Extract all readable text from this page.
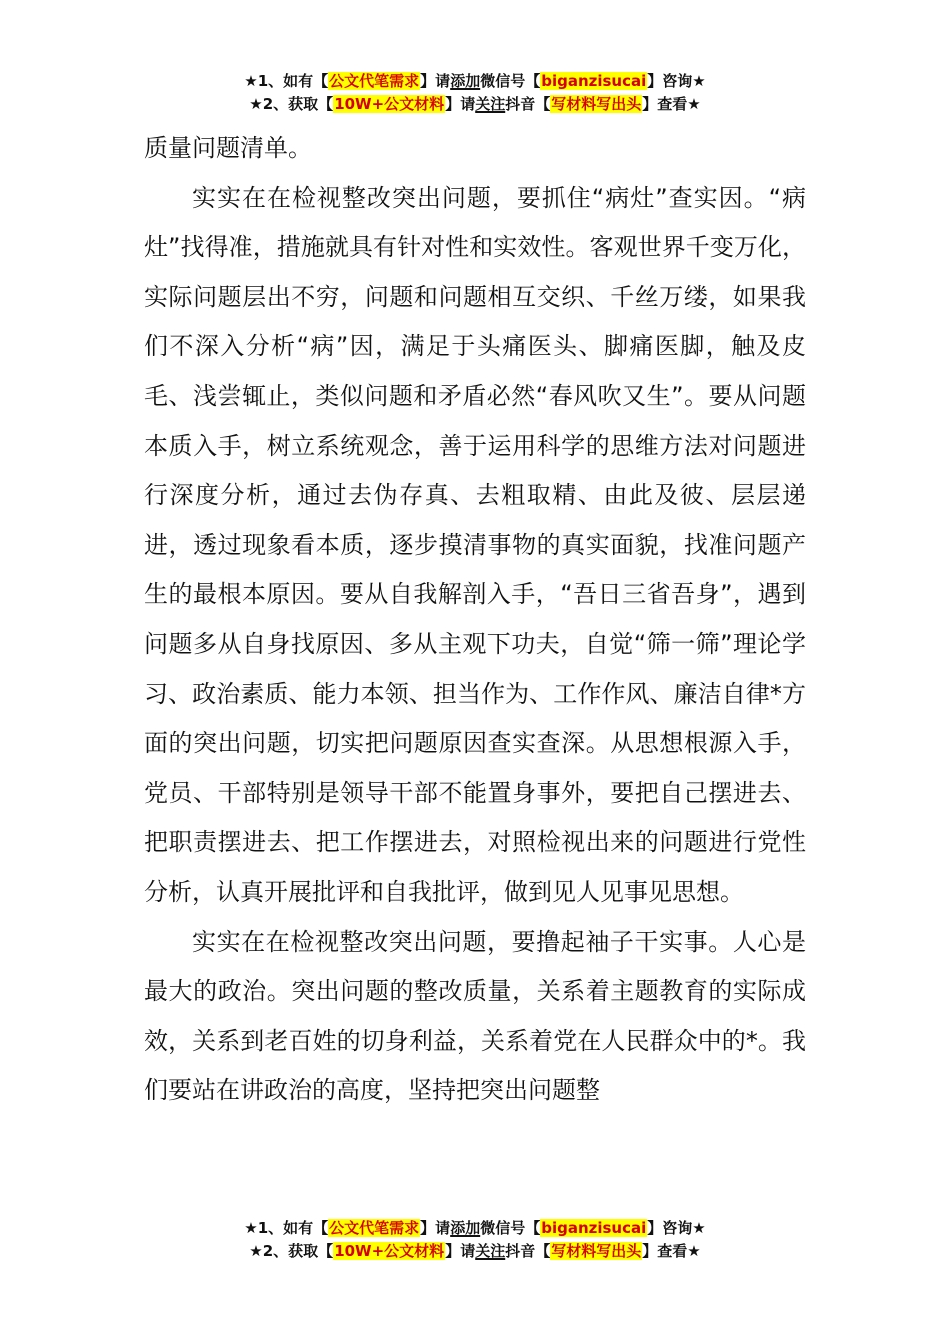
★1、如有【公文代笔需求】请添加微信号【biganzisucai】咨询★
★2、获取【10W+公文材料】请关注抖音【写材料写出头】查看★

质量问题清单。

实实在在检视整改突出问题，要抓住“病灶”查实因。“病灶”找得准，措施就具有针对性和实效性。客观世界千变万化，实际问题层出不穷，问题和问题相互交织、千丝万缕，如果我们不深入分析“病”因，满足于头痛医头、脚痛医脚，触及皮毛、浅尝辄止，类似问题和矛盾必然“春风吹又生”。要从问题本质入手，树立系统观念，善于运用科学的思维方法对问题进行深度分析，通过去伪存真、去粗取精、由此及彼、层层递进，透过现象看本质，逐步摸清事物的真实面貌，找准问题产生的最根本原因。要从自我解剖入手，“吾日三省吾身”，遇到问题多从自身找原因、多从主观下功夫，自觉“筛一筛”理论学习、政治素质、能力本领、担当作为、工作作风、廉洁自律*方面的突出问题，切实把问题原因查实查深。从思想根源入手，党员、干部特别是领导干部不能置身事外，要把自己摆进去、把职责摆进去、把工作摆进去，对照检视出来的问题进行党性分析，认真开展批评和自我批评，做到见人见事见思想。

实实在在检视整改突出问题，要撸起袖子干实事。人心是最大的政治。突出问题的整改质量，关系着主题教育的实际成效，关系到老百姓的切身利益，关系着党在人民群众中的*。我们要站在讲政治的高度，坚持把突出问题整

★1、如有【公文代笔需求】请添加微信号【biganzisucai】咨询★
★2、获取【10W+公文材料】请关注抖音【写材料写出头】查看★
